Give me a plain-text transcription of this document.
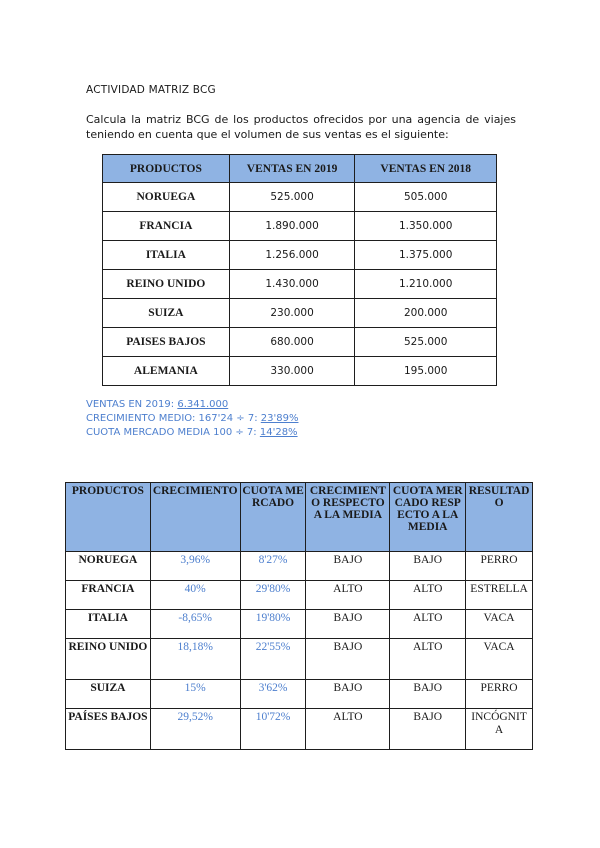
ACTIVIDAD MATRIZ BCG
Calcula la matriz BCG de los productos ofrecidos por una agencia de viajes teniendo en cuenta que el volumen de sus ventas es el siguiente:
PRODUCTOS	VENTAS EN 2019	VENTAS EN 2018
NORUEGA	525.000	505.000
FRANCIA	1.890.000	1.350.000
ITALIA	1.256.000	1.375.000
REINO UNIDO	1.430.000	1.210.000
SUIZA	230.000	200.000
PAISES BAJOS	680.000	525.000
ALEMANIA	330.000	195.000
VENTAS EN 2019: 6.341.000
CRECIMIENTO MEDIO: 167'24 ÷ 7: 23'89%
CUOTA MERCADO MEDIA 100 ÷ 7: 14'28%
PRODUCTOS	CRECIMIENTO	CUOTA MERCADO	CRECIMIENTO RESPECTO A LA MEDIA	CUOTA MERCADO RESPECTO A LA MEDIA	RESULTADO
NORUEGA	3,96%	8'27%	BAJO	BAJO	PERRO
FRANCIA	40%	29'80%	ALTO	ALTO	ESTRELLA
ITALIA	-8,65%	19'80%	BAJO	ALTO	VACA
REINO UNIDO	18,18%	22'55%	BAJO	ALTO	VACA
SUIZA	15%	3'62%	BAJO	BAJO	PERRO
PAÍSES BAJOS	29,52%	10'72%	ALTO	BAJO	INCÓGNITA
